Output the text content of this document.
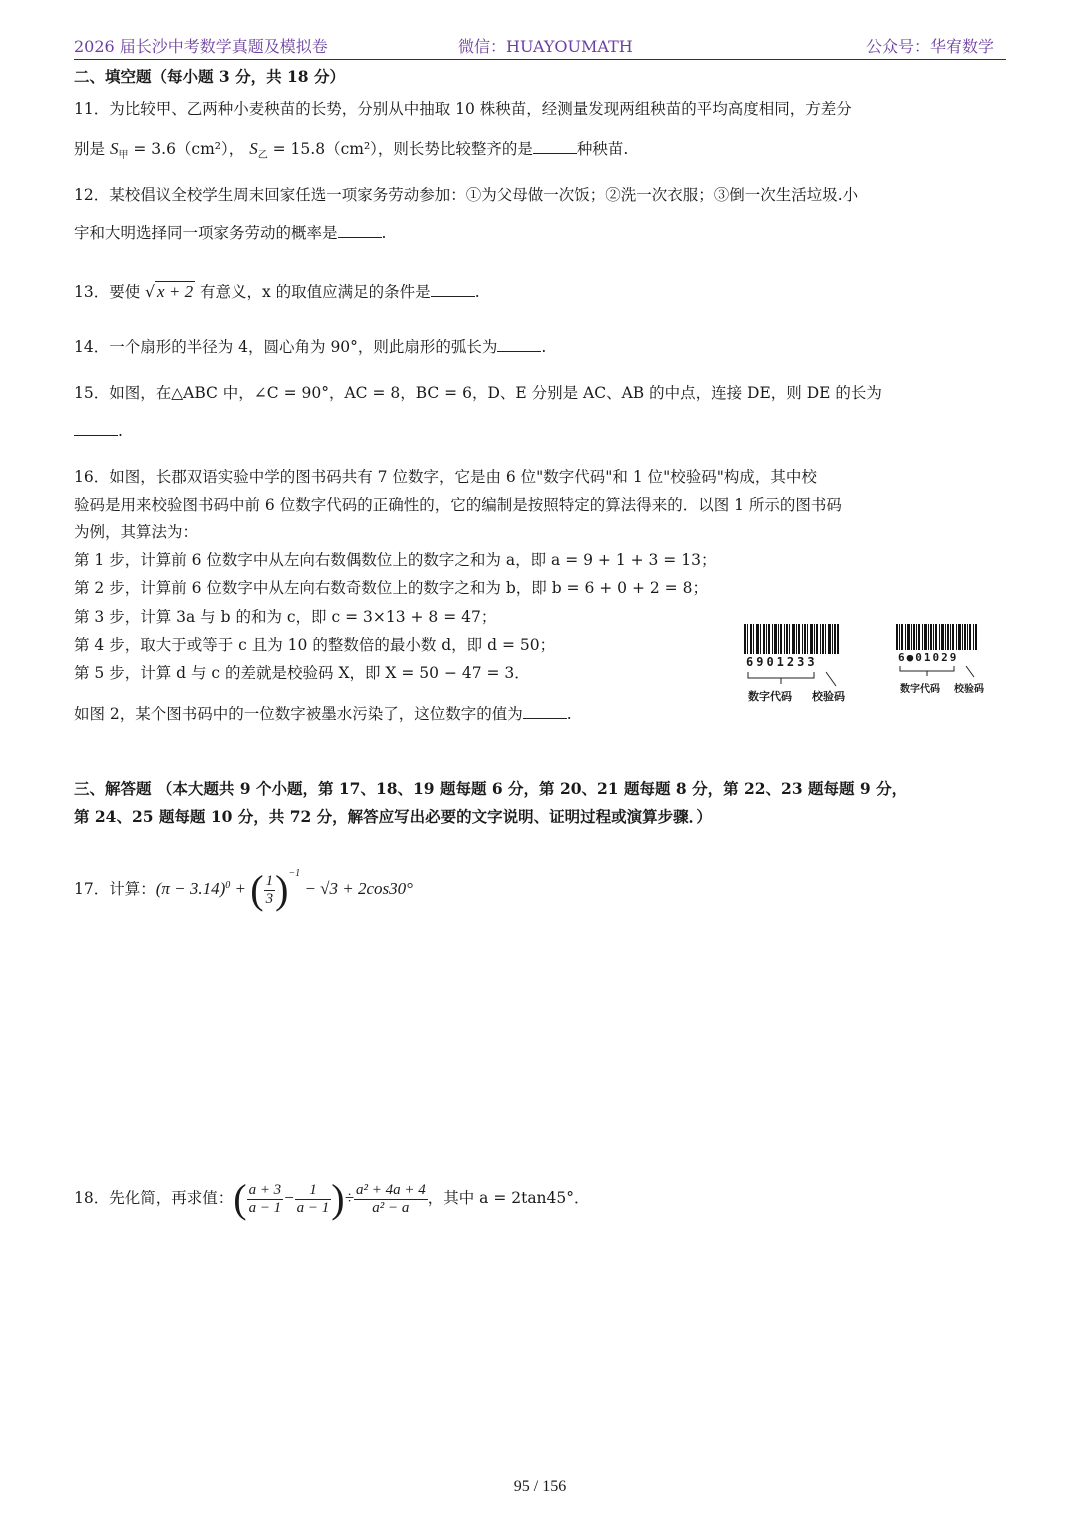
2026 届长沙中考数学真题及模拟卷	微信：HUAYOUMATH	公众号：华宥数学
二、填空题（每小题 3 分，共 18 分）
11．为比较甲、乙两种小麦秧苗的长势，分别从中抽取 10 株秧苗，经测量发现两组秧苗的平均高度相同，方差分
别是 $S_甲 = 3.6(cm^2)$， $S_乙 = 15.8(cm^2)$，则长势比较整齐的是	种秧苗.
12．某校倡议全校学生周末回家任选一项家务劳动参加：①为父母做一次饭；②洗一次衣服；③倒一次生活垃圾.小
宇和大明选择同一项家务劳动的概率是	.
13．要使 √ x + 2 有意义，x 的取值应满足的条件是	.
14．一个扇形的半径为 4，圆心角为 90°，则此扇形的弧长为	.
15．如图，在△ABC 中，∠C = 90°，AC = 8，BC = 6，D、E 分别是 AC、AB 的中点，连接 DE，则 DE 的长为
.
16．如图，长郡双语实验中学的图书码共有 7 位数字，它是由 6 位"数字代码"和 1 位"校验码"构成，其中校
验码是用来校验图书码中前 6 位数字代码的正确性的，它的编制是按照特定的算法得来的．以图 1 所示的图书码
为例，其算法为：
第 1 步，计算前 6 位数字中从左向右数偶数位上的数字之和为 a，即 a = 9 + 1 + 3 = 13；
第 2 步，计算前 6 位数字中从左向右数奇数位上的数字之和为 b，即 b = 6 + 0 + 2 = 8；
第 3 步，计算 3a 与 b 的和为 c，即 c = 3×13 + 8 = 47；
第 4 步，取大于或等于 c 且为 10 的整数倍的最小数 d，即 d = 50；
第 5 步，计算 d 与 c 的差就是校验码 X，即 X = 50 − 47 = 3．
如图 2，某个图书码中的一位数字被墨水污染了，这位数字的值为	.
6901233
数字代码 校验码
6●01029
数字代码 校验码
三、解答题 （本大题共 9 个小题，第 17、18、19 题每题 6 分，第 20、21 题每题 8 分，第 22、23 题每题 9 分，
第 24、25 题每题 10 分，共 72 分，解答应写出必要的文字说明、证明过程或演算步骤．）
17．计算：$(\pi - 3.14)^0$ + ( $\frac{1}{3} )^{-1} - √3 + 2\cos 30^\circ$
18．先化简，再求值：( $\frac{a + 3}{a - 1} - \frac{1}{a - 1}$ )÷ $\frac{\text{a² + 4a + 4}}{\text{a² − a}}$ ，其中 a = 2tan45°．
95 / 156
